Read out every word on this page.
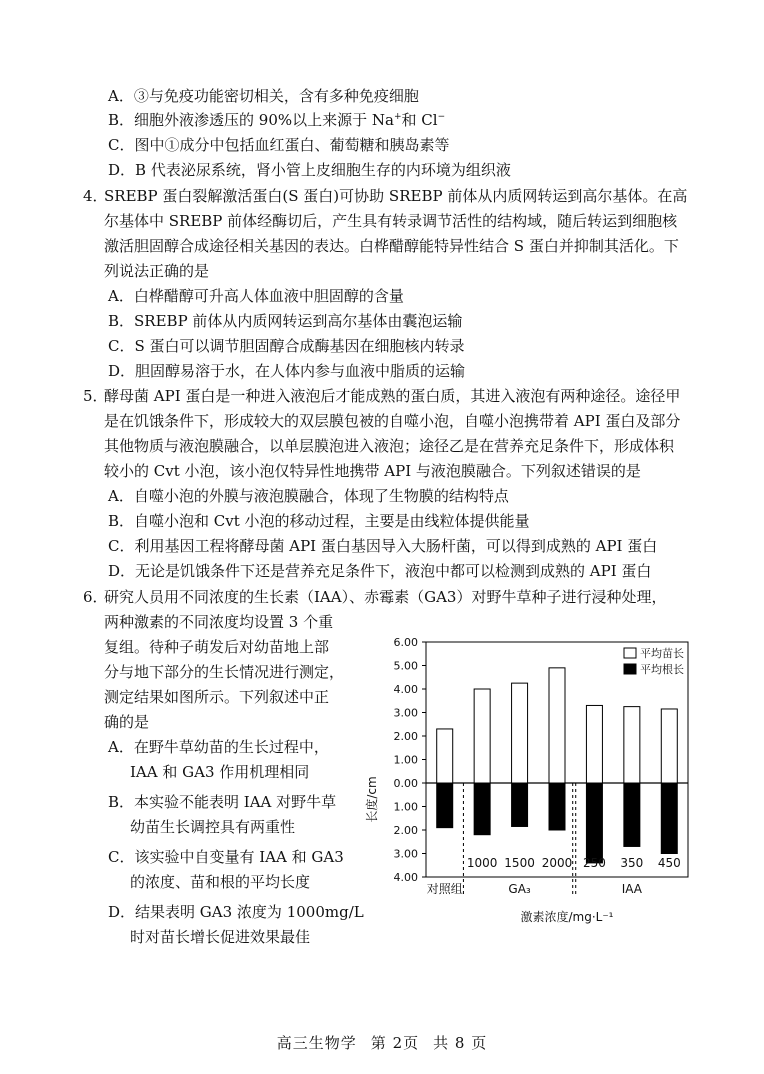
A．③与免疫功能密切相关，含有多种免疫细胞
B．细胞外液渗透压的 90%以上来源于 Na+和 Cl−
C．图中①成分中包括血红蛋白、葡萄糖和胰岛素等
D．B 代表泌尿系统，肾小管上皮细胞生存的内环境为组织液
4．
SREBP 蛋白裂解激活蛋白(S 蛋白)可协助 SREBP 前体从内质网转运到高尔基体。在高
尔基体中 SREBP 前体经酶切后，产生具有转录调节活性的结构域，随后转运到细胞核
激活胆固醇合成途径相关基因的表达。白桦醋醇能特异性结合 S 蛋白并抑制其活化。下
列说法正确的是
A．白桦醋醇可升高人体血液中胆固醇的含量
B．SREBP 前体从内质网转运到高尔基体由囊泡运输
C．S 蛋白可以调节胆固醇合成酶基因在细胞核内转录
D．胆固醇易溶于水，在人体内参与血液中脂质的运输
5．
酵母菌 API 蛋白是一种进入液泡后才能成熟的蛋白质，其进入液泡有两种途径。途径甲
是在饥饿条件下，形成较大的双层膜包被的自噬小泡，自噬小泡携带着 API 蛋白及部分
其他物质与液泡膜融合，以单层膜泡进入液泡；途径乙是在营养充足条件下，形成体积
较小的 Cvt 小泡，该小泡仅特异性地携带 API 与液泡膜融合。下列叙述错误的是
A．自噬小泡的外膜与液泡膜融合，体现了生物膜的结构特点
B．自噬小泡和 Cvt 小泡的移动过程，主要是由线粒体提供能量
C．利用基因工程将酵母菌 API 蛋白基因导入大肠杆菌，可以得到成熟的 API 蛋白
D．无论是饥饿条件下还是营养充足条件下，液泡中都可以检测到成熟的 API 蛋白
6．
研究人员用不同浓度的生长素（IAA）、赤霉素（GA3）对野牛草种子进行浸种处理，
两种激素的不同浓度均设置 3 个重
复组。待种子萌发后对幼苗地上部
分与地下部分的生长情况进行测定，
测定结果如图所示。下列叙述中正
确的是
A．在野牛草幼苗的生长过程中，
IAA 和 GA3 作用机理相同
B．本实验不能表明 IAA 对野牛草
幼苗生长调控具有两重性
C．该实验中自变量有 IAA 和 GA3
的浓度、苗和根的平均长度
D．结果表明 GA3 浓度为 1000mg/L
时对苗长增长促进效果最佳
6.00
5.00
4.00
3.00
2.00
1.00
0.00
1.00
2.00
3.00
4.00
长度/cm
1000 1500 2000 250 350 450
对照组	GA₃	IAA
激素浓度/mg·L⁻¹
平均苗长
平均根长
高三生物学 第 2页 共 8 页
